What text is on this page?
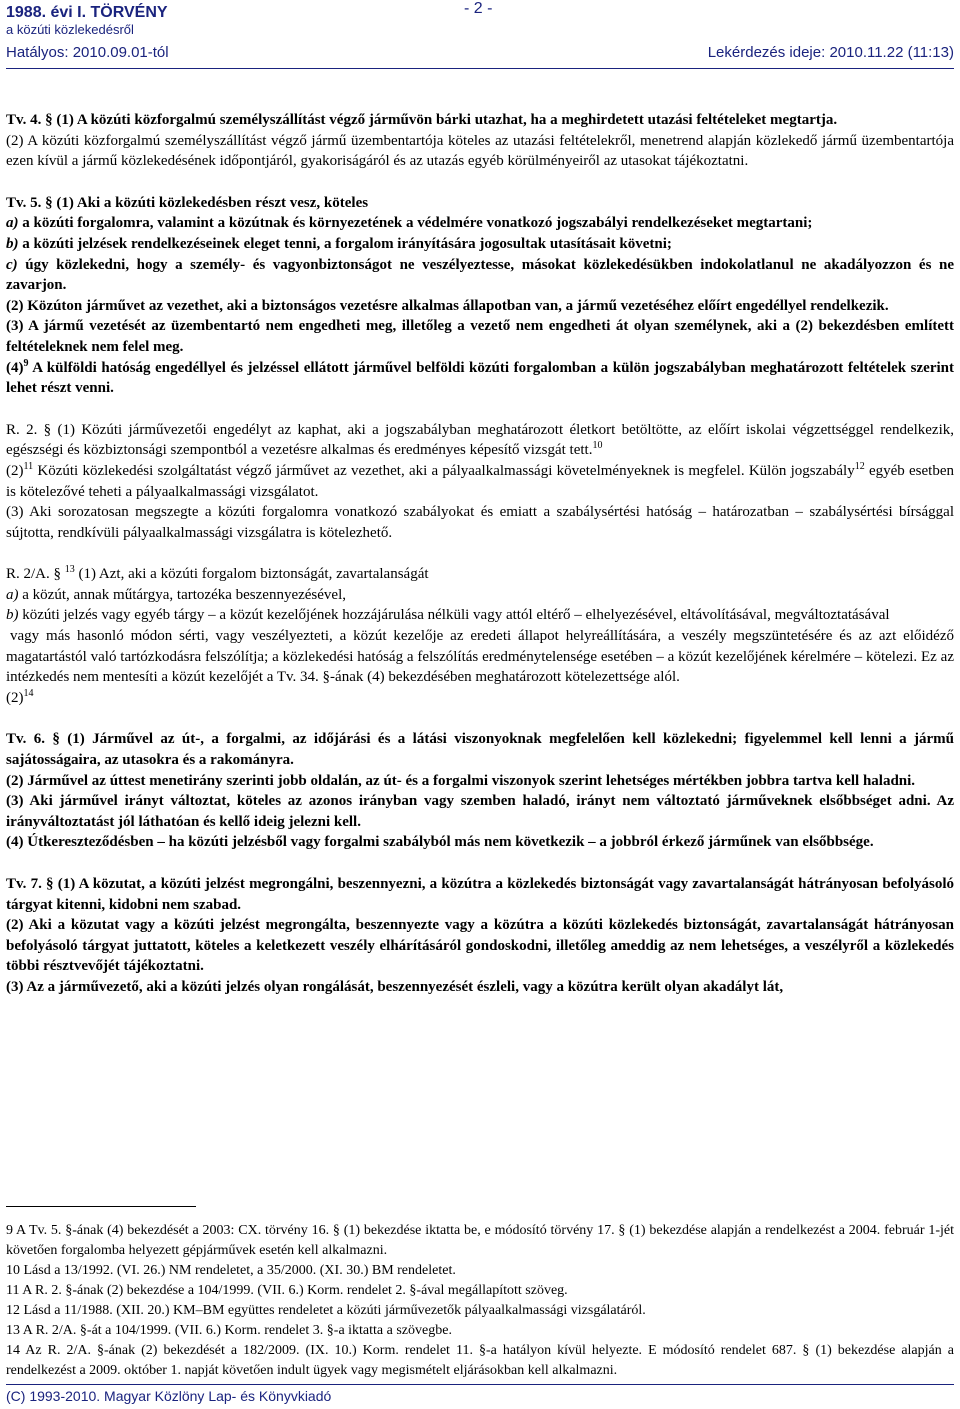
1988. évi I. TÖRVÉNY
a közúti közlekedésről
Hatályos: 2010.09.01-tól
- 2 -
Lekérdezés ideje: 2010.11.22 (11:13)

Tv. 4. § (1) A közúti közforgalmú személyszállítást végző járművön bárki utazhat, ha a meghirdetett utazási feltételeket megtartja.

(2) A közúti közforgalmú személyszállítást végző jármű üzembentartója köteles az utazási feltételekről, menetrend alapján közlekedő jármű üzembentartója ezen kívül a jármű közlekedésének időpontjáról, gyakoriságáról és az utazás egyéb körülményeiről az utasokat tájékoztatni.

Tv. 5. § (1) Aki a közúti közlekedésben részt vesz, köteles

a) a közúti forgalomra, valamint a közútnak és környezetének a védelmére vonatkozó jogszabályi rendelkezéseket megtartani;

b) a közúti jelzések rendelkezéseinek eleget tenni, a forgalom irányítására jogosultak utasításait követni;

c) úgy közlekedni, hogy a személy- és vagyonbiztonságot ne veszélyeztesse, másokat közlekedésükben indokolatlanul ne akadályozzon és ne zavarjon.

(2) Közúton járművet az vezethet, aki a biztonságos vezetésre alkalmas állapotban van, a jármű vezetéséhez előírt engedéllyel rendelkezik.

(3) A jármű vezetését az üzembentartó nem engedheti meg, illetőleg a vezető nem engedheti át olyan személynek, aki a (2) bekezdésben említett feltételeknek nem felel meg.

$(4)^9$ A külföldi hatóság engedéllyel és jelzéssel ellátott járművel belföldi közúti forgalomban a külön jogszabályban meghatározott feltételek szerint lehet részt venni.

R. 2. § (1) Közúti járművezetői engedélyt az kaphat, aki a jogszabályban meghatározott életkort betöltötte, az előírt iskolai végzettséggel rendelkezik, egészségi és közbiztonsági szempontból a vezetésre alkalmas és eredményes képesítő vizsgát tett.$^{10}$

$(2)^{11}$ Közúti közlekedési szolgáltatást végző járművet az vezethet, aki a pályaalkalmassági követelményeknek is megfelel. Külön jogszabály$^{12}$ egyéb esetben is kötelezővé teheti a pályaalkalmassági vizsgálatot.

(3) Aki sorozatosan megszegte a közúti forgalomra vonatkozó szabályokat és emiatt a szabálysértési hatóság – határozatban – szabálysértési bírsággal sújtotta, rendkívüli pályaalkalmassági vizsgálatra is kötelezhető.

R. 2/A. § $^{13}$ (1) Azt, aki a közúti forgalom biztonságát, zavartalanságát

a) a közút, annak műtárgya, tartozéka beszennyezésével,

b) közúti jelzés vagy egyéb tárgy – a közút kezelőjének hozzájárulása nélküli vagy attól eltérő – elhelyezésével, eltávolításával, megváltoztatásával

vagy más hasonló módon sérti, vagy veszélyezteti, a közút kezelője az eredeti állapot helyreállítására, a veszély megszüntetésére és az azt előidéző magatartástól való tartózkodásra felszólítja; a közlekedési hatóság a felszólítás eredménytelensége esetében – a közút kezelőjének kérelmére – kötelezi. Ez az intézkedés nem mentesíti a közút kezelőjét a Tv. 34. §-ának (4) bekezdésében meghatározott kötelezettsége alól.

$(2)^{14}$

Tv. 6. § (1) Járművel az út-, a forgalmi, az időjárási és a látási viszonyoknak megfelelően kell közlekedni; figyelemmel kell lenni a jármű sajátosságaira, az utasokra és a rakományra.

(2) Járművel az úttest menetirány szerinti jobb oldalán, az út- és a forgalmi viszonyok szerint lehetséges mértékben jobbra tartva kell haladni.

(3) Aki járművel irányt változtat, köteles az azonos irányban vagy szemben haladó, irányt nem változtató járműveknek elsőbbséget adni. Az irányváltoztatást jól láthatóan és kellő ideig jelezni kell.

(4) Útkereszteződésben – ha közúti jelzésből vagy forgalmi szabályból más nem következik – a jobbról érkező járműnek van elsőbbsége.

Tv. 7. § (1) A közutat, a közúti jelzést megrongálni, beszennyezni, a közútra a közlekedés biztonságát vagy zavartalanságát hátrányosan befolyásoló tárgyat kitenni, kidobni nem szabad.

(2) Aki a közutat vagy a közúti jelzést megrongálta, beszennyezte vagy a közútra a közúti közlekedés biztonságát, zavartalanságát hátrányosan befolyásoló tárgyat juttatott, köteles a keletkezett veszély elhárításáról gondoskodni, illetőleg ameddig az nem lehetséges, a veszélyről a közlekedés többi résztvevőjét tájékoztatni.

(3) Az a járművezető, aki a közúti jelzés olyan rongálását, beszennyezését észleli, vagy a közútra került olyan akadályt lát,

9 A Tv. 5. §-ának (4) bekezdését a 2003: CX. törvény 16. § (1) bekezdése iktatta be, e módosító törvény 17. § (1) bekezdése alapján a rendelkezést a 2004. február 1-jét követően forgalomba helyezett gépjárművek esetén kell alkalmazni.

10 Lásd a 13/1992. (VI. 26.) NM rendeletet, a 35/2000. (XI. 30.) BM rendeletet.

11 A R. 2. §-ának (2) bekezdése a 104/1999. (VII. 6.) Korm. rendelet 2. §-ával megállapított szöveg.

12 Lásd a 11/1988. (XII. 20.) KM–BM együttes rendeletet a közúti járművezetők pályaalkalmassági vizsgálatáról.

13 A R. 2/A. §-át a 104/1999. (VII. 6.) Korm. rendelet 3. §-a iktatta a szövegbe.

14 Az R. 2/A. §-ának (2) bekezdését a 182/2009. (IX. 10.) Korm. rendelet 11. §-a hatályon kívül helyezte. E módosító rendelet 687. § (1) bekezdése alapján a rendelkezést a 2009. október 1. napját követően indult ügyek vagy megismételt eljárásokban kell alkalmazni.

(C) 1993-2010. Magyar Közlöny Lap- és Könyvkiadó
